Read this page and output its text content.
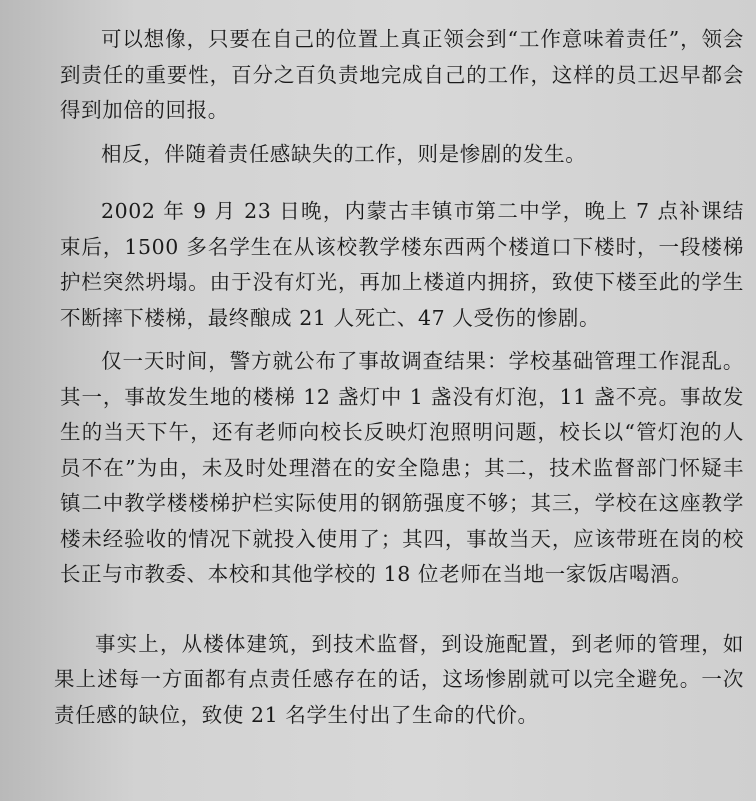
可以想像，只要在自己的位置上真正领会到“工作意味着责任”，领会到责任的重要性，百分之百负责地完成自己的工作，这样的员工迟早都会得到加倍的回报。

相反，伴随着责任感缺失的工作，则是惨剧的发生。

2002 年 9 月 23 日晚，内蒙古丰镇市第二中学，晚上 7 点补课结束后，1500 多名学生在从该校教学楼东西两个楼道口下楼时，一段楼梯护栏突然坍塌。由于没有灯光，再加上楼道内拥挤，致使下楼至此的学生不断摔下楼梯，最终酿成 21 人死亡、47 人受伤的惨剧。

仅一天时间，警方就公布了事故调查结果：学校基础管理工作混乱。其一，事故发生地的楼梯 12 盏灯中 1 盏没有灯泡，11 盏不亮。事故发生的当天下午，还有老师向校长反映灯泡照明问题，校长以“管灯泡的人员不在”为由，未及时处理潜在的安全隐患；其二，技术监督部门怀疑丰镇二中教学楼楼梯护栏实际使用的钢筋强度不够；其三，学校在这座教学楼未经验收的情况下就投入使用了；其四，事故当天，应该带班在岗的校长正与市教委、本校和其他学校的 18 位老师在当地一家饭店喝酒。

事实上，从楼体建筑，到技术监督，到设施配置，到老师的管理，如果上述每一方面都有点责任感存在的话，这场惨剧就可以完全避免。一次责任感的缺位，致使 21 名学生付出了生命的代价。
